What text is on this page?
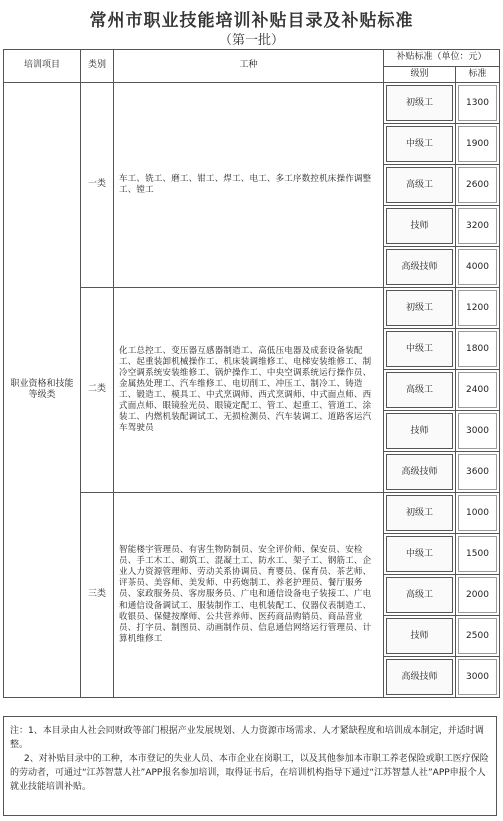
常州市职业技能培训补贴目录及补贴标准
（第一批）
培训项目	类别	工种	补贴标准（单位：元）	
			级别	标准
职业资格和技能等级类	一类	车工、铣工、磨工、钳工、焊工、电工、多工序数控机床操作调整工、镗工	初级工	1300

			中级工	1900

			高级工	2600

			技师	3200

			高级技师	4000

	二类	化工总控工、变压器互感器制造工、高低压电器及成套设备装配工、起重装卸机械操作工、机床装调维修工、电梯安装维修工、制冷空调系统安装维修工、锅炉操作工、中央空调系统运行操作员、金属热处理工、汽车维修工、电切削工、冲压工、制冷工、铸造工、锻造工、模具工、中式烹调师、西式烹调师、中式面点师、西式面点师、眼镜验光员、眼镜定配工、管工、起重工、管道工、涂装工、内燃机装配调试工、无损检测员、汽车装调工、道路客运汽车驾驶员	初级工	1200

			中级工	1800

			高级工	2400

			技师	3000

			高级技师	3600

	三类	智能楼宇管理员、有害生物防制员、安全评价师、保安员、安检员、手工木工、砌筑工、混凝土工、防水工、架子工、钢筋工、企业人力资源管理师、劳动关系协调员、育婴员、保育员、茶艺师、评茶员、美容师、美发师、中药炮制工、养老护理员、餐厅服务员、家政服务员、客房服务员、广电和通信设备电子装接工、广电和通信设备调试工、服装制作工、电机装配工、仪器仪表制造工、收银员、保健按摩师、公共营养师、医药商品购销员、商品营业员、打字员、制图员、动画制作员、信息通信网络运行管理员、计算机维修工	初级工	1000

			中级工	1500

			高级工	2000

			技师	2500

			高级技师	3000

注：1、本目录由人社会同财政等部门根据产业发展规划、人力资源市场需求、人才紧缺程度和培训成本制定，并适时调整。

2、对补贴目录中的工种，本市登记的失业人员、本市企业在岗职工，以及其他参加本市职工养老保险或职工医疗保险的劳动者，可通过“江苏智慧人社”APP报名参加培训，取得证书后，在培训机构指导下通过“江苏智慧人社”APP申报个人就业技能培训补贴。
